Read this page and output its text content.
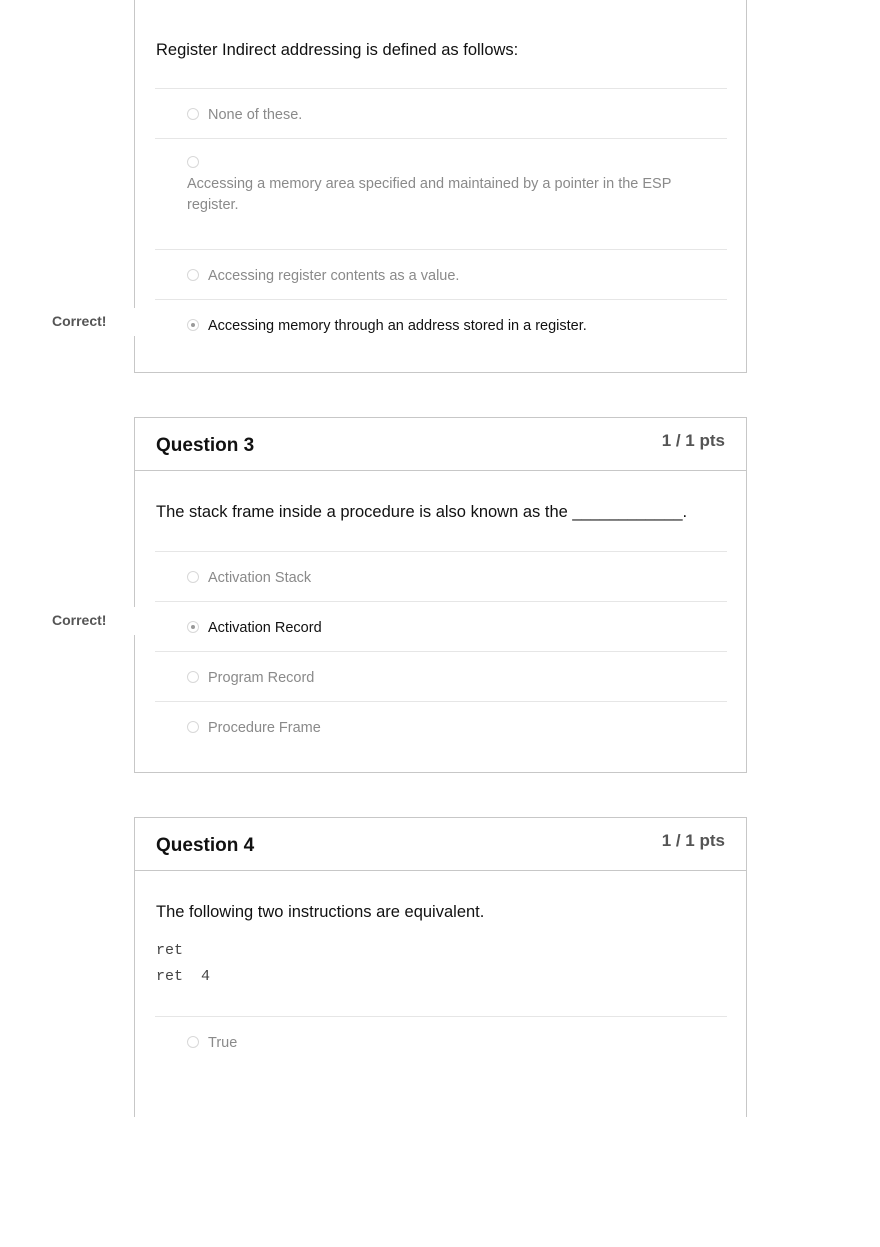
Register Indirect addressing is defined as follows:
None of these.
Accessing a memory area specified and maintained by a pointer in the ESP register.
Accessing register contents as a value.
Accessing memory through an address stored in a register.
Correct!
Question 3	1 / 1 pts
The stack frame inside a procedure is also known as the ____________.
Activation Stack
Activation Record
Program Record
Procedure Frame
Correct!
Question 4	1 / 1 pts
The following two instructions are equivalent.
ret
ret  4
True
